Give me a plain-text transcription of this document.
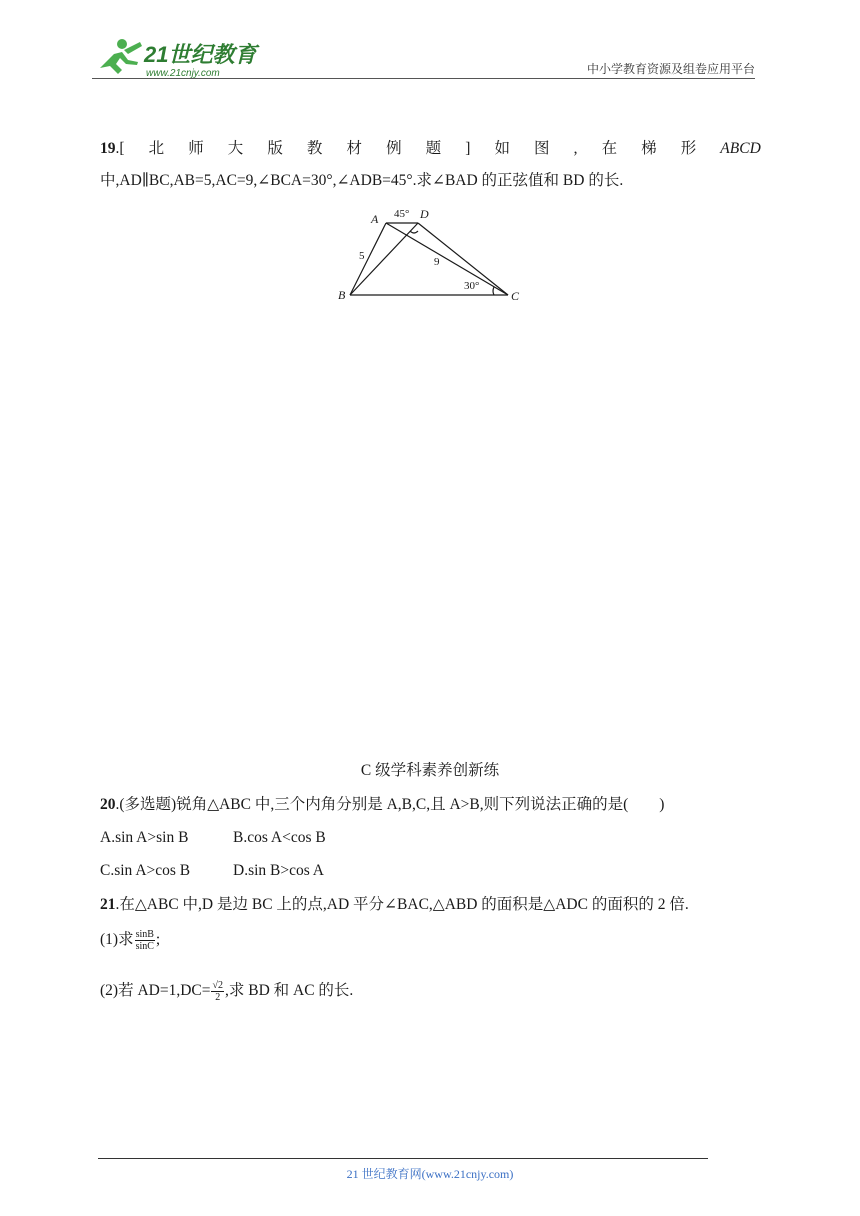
21世纪教育
www.21cnjy.com	中小学教育资源及组卷应用平台
19.[ 北 师 大 版 教 材 例 题 ] 如 图 , 在 梯 形 ABCD
中,AD∥BC,AB=5,AC=9,∠BCA=30°,∠ADB=45°.求∠BAD 的正弦值和 BD 的长.
A	D
B	C
5	9
45°
30°
C 级学科素养创新练
20.(多选题)锐角△ABC 中,三个内角分别是 A,B,C,且 A>B,则下列说法正确的是(　　)
A.sin A>sin B	B.cos A<cos B
C.sin A>cos B	D.sin B>cos A
21.在△ABC 中,D 是边 BC 上的点,AD 平分∠BAC,△ABD 的面积是△ADC 的面积的 2 倍.
(1)求 $\frac{\sin B}{\sin C}$ ;
(2)若 $AD=1,DC= \frac{√2}{2}$ ,求 BD 和 AC 的长.
21 世纪教育网(www.21cnjy.com)
